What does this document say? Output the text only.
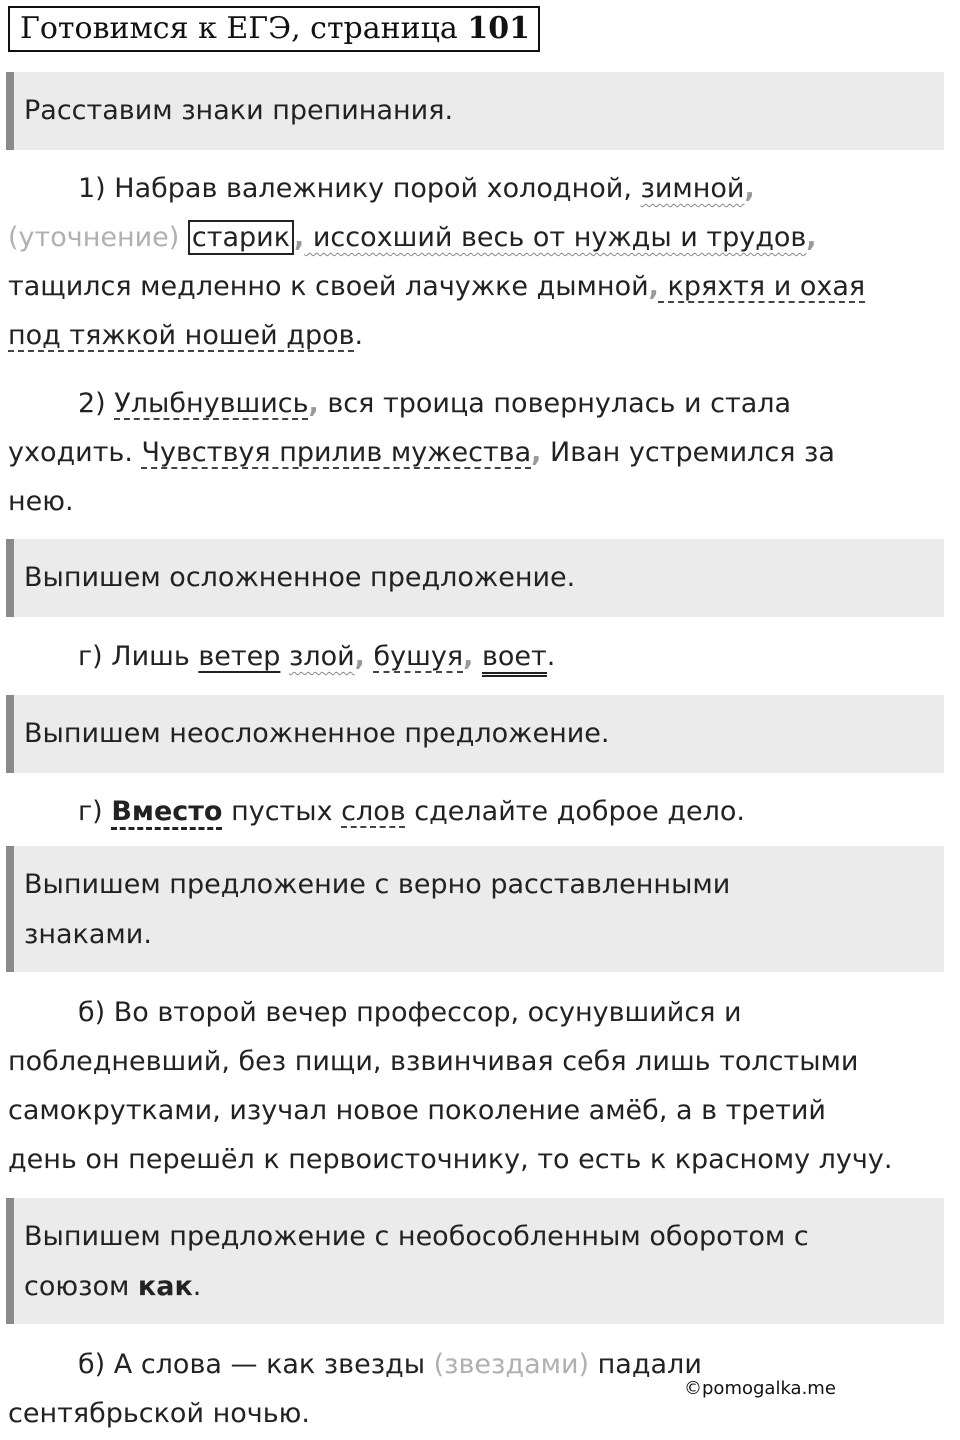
Готовимся к ЕГЭ, страница 101
Расставим знаки препинания.
1) Набрав валежнику порой холодной, зимной,
(уточнение) старик , иссохший весь от нужды и трудов,
тащился медленно к своей лачужке дымной, кряхтя и охая
под тяжкой ношей дров.
2) Улыбнувшись, вся троица повернулась и стала
уходить. Чувствуя прилив мужества, Иван устремился за
нею.
Выпишем осложненное предложение.
г) Лишь ветер злой, бушуя, воет.
Выпишем неосложненное предложение.
г) Вместо пустых слов сделайте доброе дело.
Выпишем предложение с верно расставленными
знаками.
б) Во второй вечер профессор, осунувшийся и
побледневший, без пищи, взвинчивая себя лишь толстыми
самокрутками, изучал новое поколение амёб, а в третий
день он перешёл к первоисточнику, то есть к красному лучу.
Выпишем предложение с необособленным оборотом с
союзом как.
б) А слова — как звезды (звездами) падали
сентябрьской ночью.
©pomogalka.me
